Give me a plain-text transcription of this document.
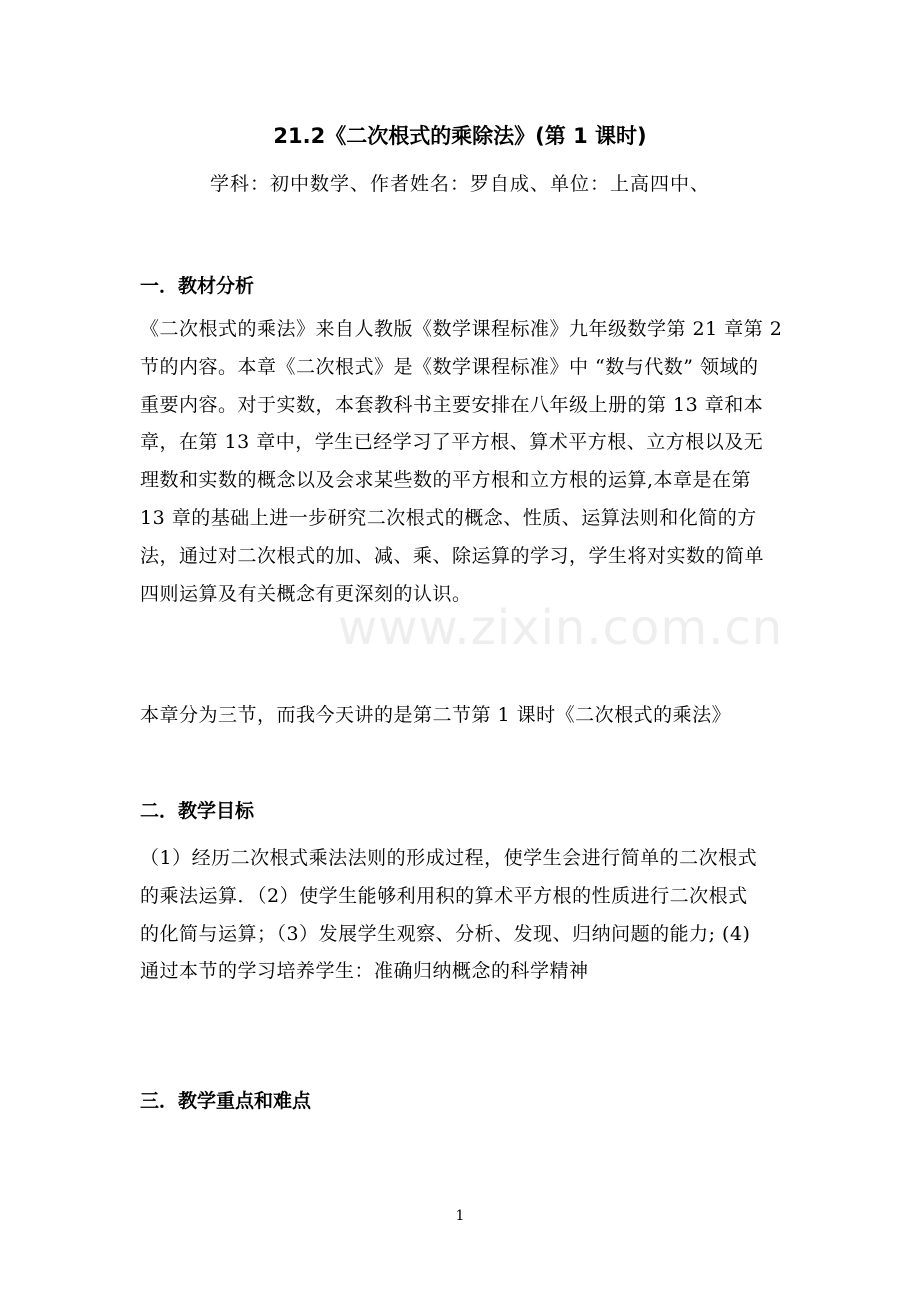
21.2《二次根式的乘除法》(第 1 课时)
学科：初中数学、作者姓名：罗自成、单位：上高四中、
一．教材分析
《二次根式的乘法》来自人教版《数学课程标准》九年级数学第 21 章第 2
节的内容。本章《二次根式》是《数学课程标准》中 “数与代数” 领域的
重要内容。对于实数，本套教科书主要安排在八年级上册的第 13 章和本
章，在第 13 章中，学生已经学习了平方根、算术平方根、立方根以及无
理数和实数的概念以及会求某些数的平方根和立方根的运算,本章是在第
13 章的基础上进一步研究二次根式的概念、性质、运算法则和化简的方
法，通过对二次根式的加、减、乘、除运算的学习，学生将对实数的简单
四则运算及有关概念有更深刻的认识。
本章分为三节，而我今天讲的是第二节第 1 课时《二次根式的乘法》
二．教学目标
（1）经历二次根式乘法法则的形成过程，使学生会进行简单的二次根式
的乘法运算．（2）使学生能够利用积的算术平方根的性质进行二次根式
的化简与运算；（3）发展学生观察、分析、发现、归纳问题的能力; (4)
通过本节的学习培养学生：准确归纳概念的科学精神
三．教学重点和难点
www.zixin.com.cn
1
